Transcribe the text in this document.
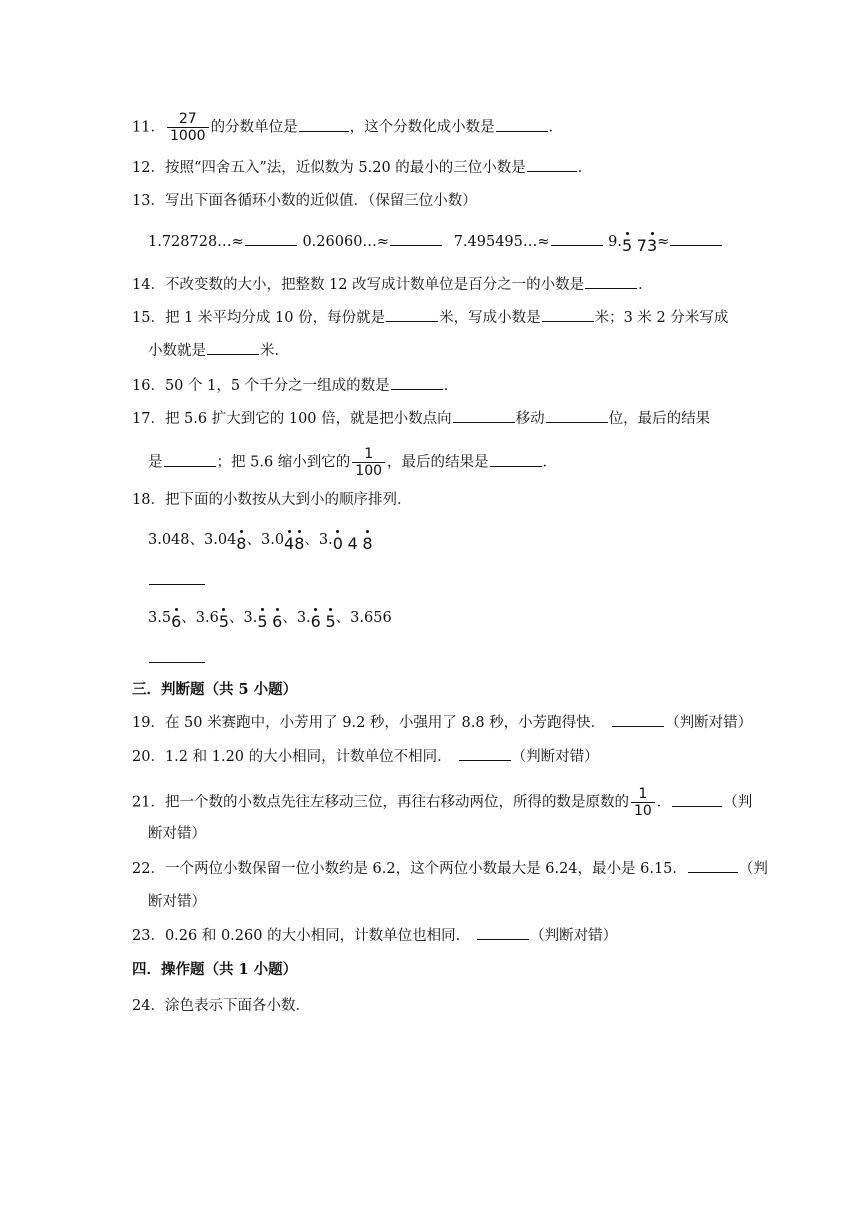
11． $\frac{27}{1000}$ 的分数单位是	，这个分数化成小数是	．
12．按照“四舍五入”法，近似数为 5.20 的最小的三位小数是	．
13．写出下面各循环小数的近似值．（保留三位小数）
1.728728…≈	0.26060…≈	7.495495…≈	9.5 73≈
14．不改变数的大小，把整数 12 改写成计数单位是百分之一的小数是	．
15．把 1 米平均分成 10 份，每份就是	米，写成小数是	米；3 米 2 分米写成
小数就是	米．
16．50 个 1，5 个千分之一组成的数是	．
17．把 5.6 扩大到它的 100 倍，就是把小数点向	移动	位，最后的结果
是	；把 5.6 缩小到它的 $\frac{1}{100}$ ，最后的结果是	．
18．把下面的小数按从大到小的顺序排列．
3.048、3.048、3.048、3.0 4 8
3.56、3.65、3.5 6、3.6 5、3.656
三．判断题（共 5 小题）
19．在 50 米赛跑中，小芳用了 9.2 秒，小强用了 8.8 秒，小芳跑得快．	（判断对错）
20．1.2 和 1.20 的大小相同，计数单位不相同．	（判断对错）
21．把一个数的小数点先往左移动三位，再往右移动两位，所得的数是原数的 $\frac{1}{10}$ ．	（判
断对错）
22．一个两位小数保留一位小数约是 6.2，这个两位小数最大是 6.24，最小是 6.15．	（判
断对错）
23．0.26 和 0.260 的大小相同，计数单位也相同．	（判断对错）
四．操作题（共 1 小题）
24．涂色表示下面各小数．
